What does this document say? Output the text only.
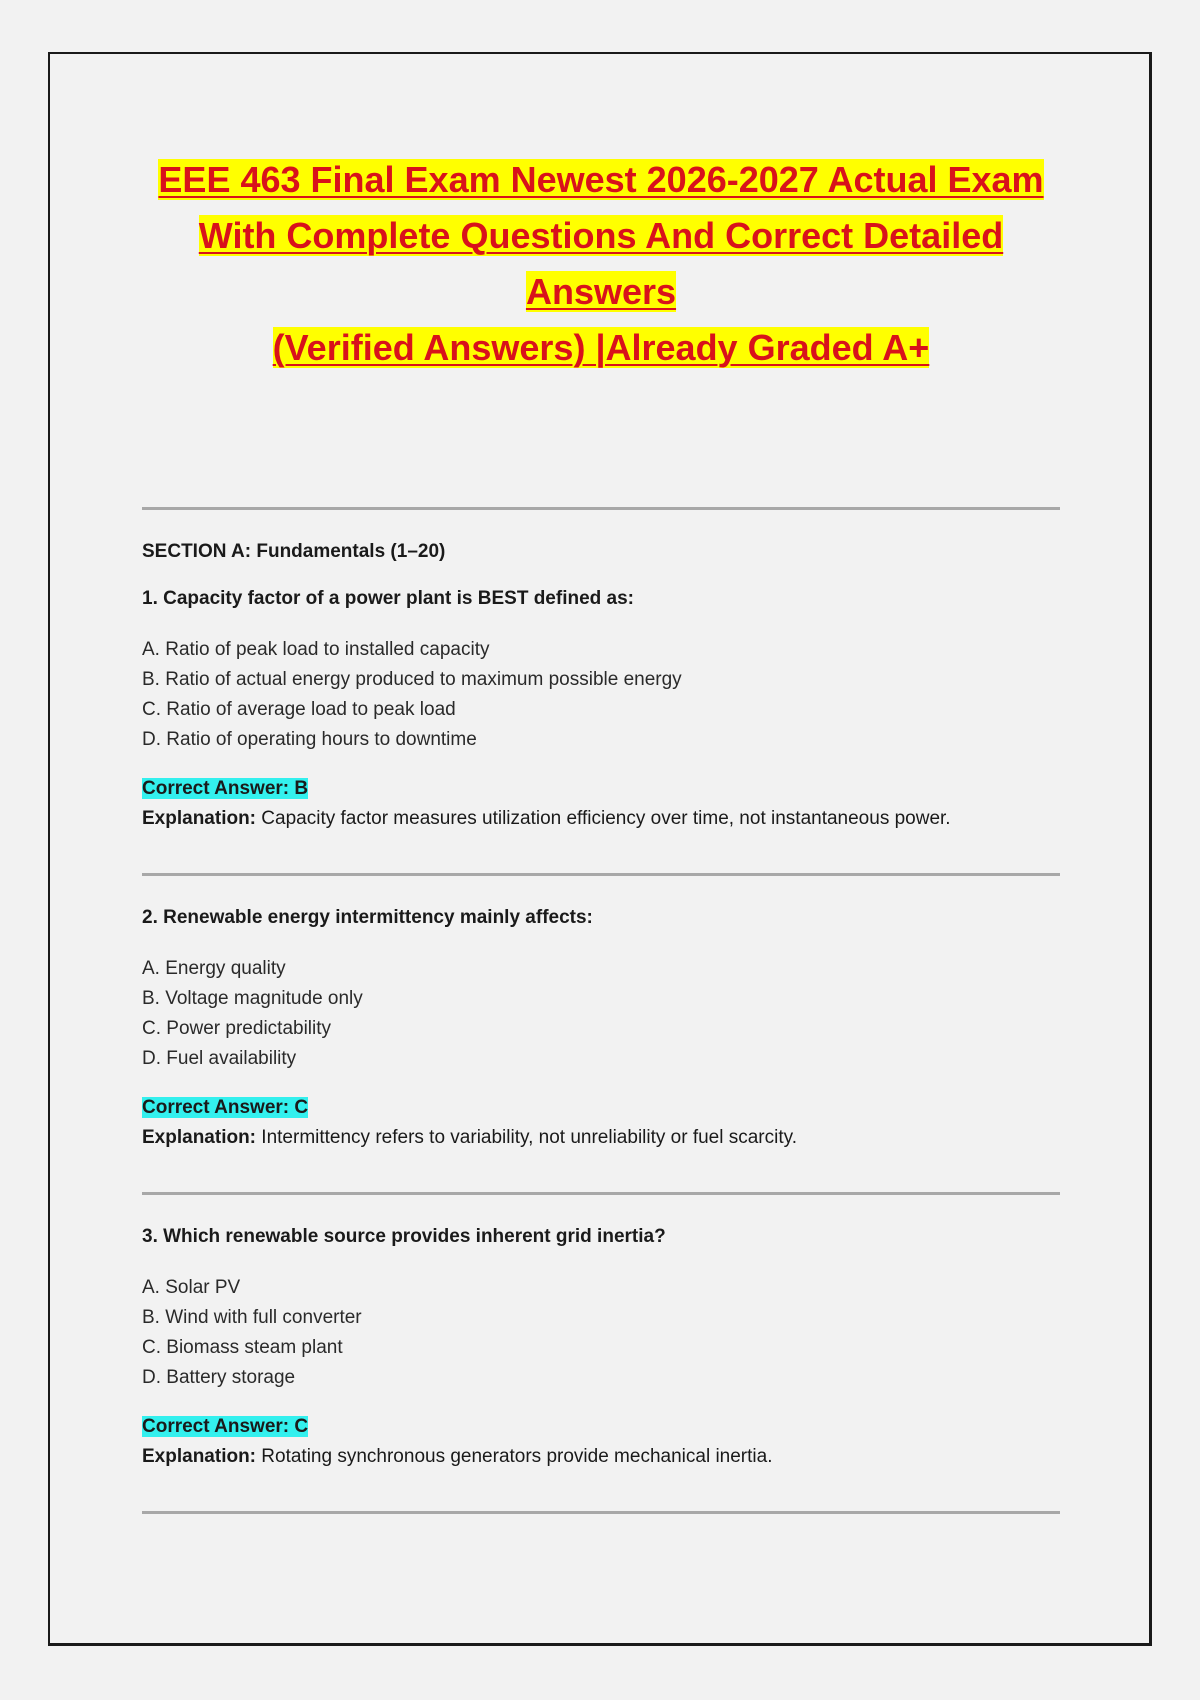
EEE 463 Final Exam Newest 2026-2027 Actual Exam
With Complete Questions And Correct Detailed Answers
(Verified Answers) |Already Graded A+
SECTION A: Fundamentals (1–20)
1. Capacity factor of a power plant is BEST defined as:
A. Ratio of peak load to installed capacity
B. Ratio of actual energy produced to maximum possible energy
C. Ratio of average load to peak load
D. Ratio of operating hours to downtime
Correct Answer: B
Explanation: Capacity factor measures utilization efficiency over time, not instantaneous power.
2. Renewable energy intermittency mainly affects:
A. Energy quality
B. Voltage magnitude only
C. Power predictability
D. Fuel availability
Correct Answer: C
Explanation: Intermittency refers to variability, not unreliability or fuel scarcity.
3. Which renewable source provides inherent grid inertia?
A. Solar PV
B. Wind with full converter
C. Biomass steam plant
D. Battery storage
Correct Answer: C
Explanation: Rotating synchronous generators provide mechanical inertia.
